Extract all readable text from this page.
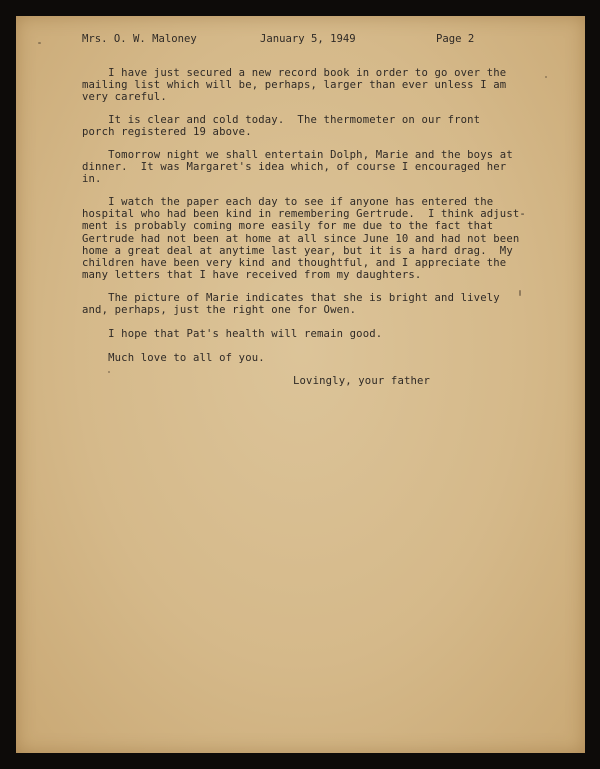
Mrs. O. W. Maloney	January 5, 1949	Page 2

I have just secured a new record book in order to go over the
mailing list which will be, perhaps, larger than ever unless I am
very careful.

It is clear and cold today.  The thermometer on our front
porch registered 19 above.

Tomorrow night we shall entertain Dolph, Marie and the boys at
dinner.  It was Margaret's idea which, of course I encouraged her
in.

I watch the paper each day to see if anyone has entered the
hospital who had been kind in remembering Gertrude.  I think adjust-
ment is probably coming more easily for me due to the fact that
Gertrude had not been at home at all since June 10 and had not been
home a great deal at anytime last year, but it is a hard drag.  My
children have been very kind and thoughtful, and I appreciate the
many letters that I have received from my daughters.

The picture of Marie indicates that she is bright and lively
and, perhaps, just the right one for Owen.

I hope that Pat's health will remain good.

Much love to all of you.

Lovingly, your father
